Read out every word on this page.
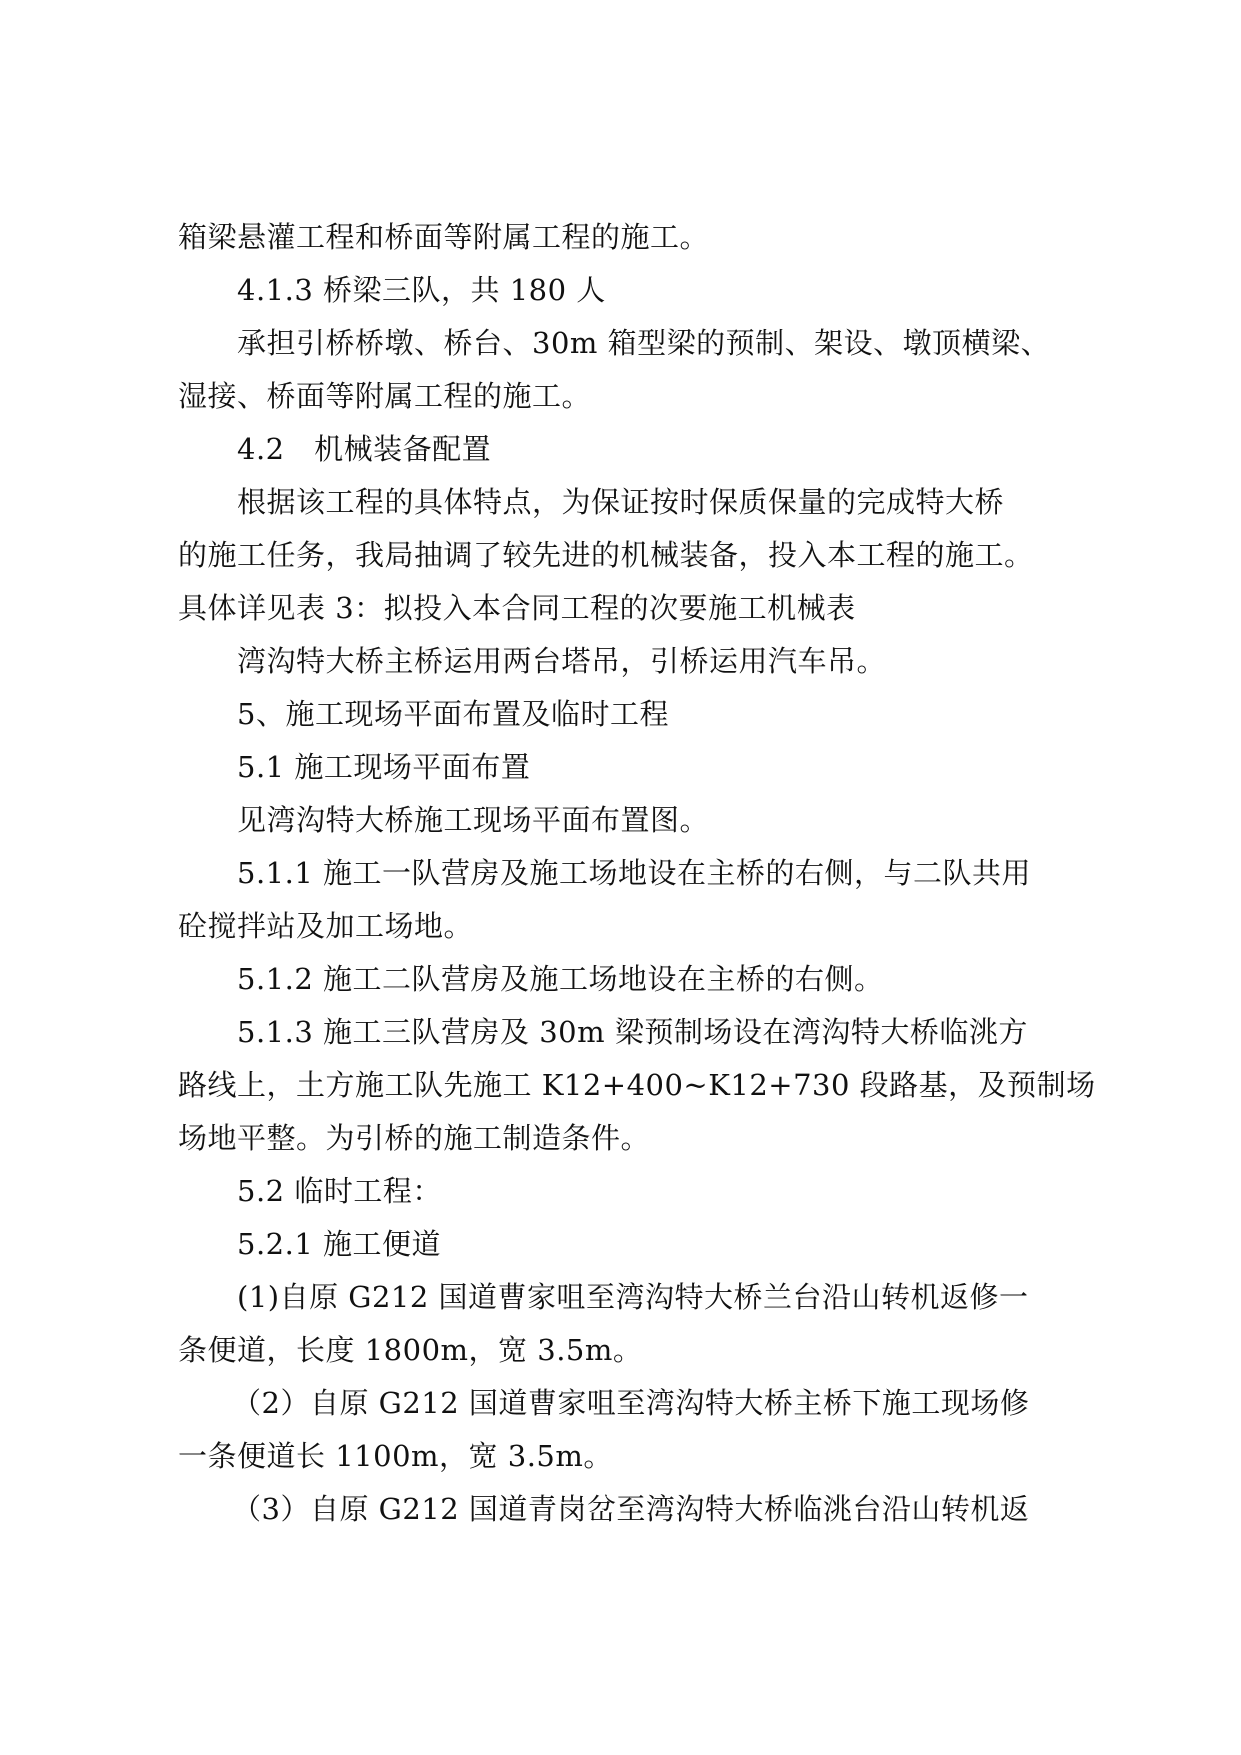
箱梁悬灌工程和桥面等附属工程的施工。
4.1.3 桥梁三队，共 180 人
承担引桥桥墩、桥台、30m 箱型梁的预制、架设、墩顶横梁、
湿接、桥面等附属工程的施工。
4.2　机械装备配置
根据该工程的具体特点，为保证按时保质保量的完成特大桥
的施工任务，我局抽调了较先进的机械装备，投入本工程的施工。
具体详见表 3：拟投入本合同工程的次要施工机械表
湾沟特大桥主桥运用两台塔吊，引桥运用汽车吊。
5、施工现场平面布置及临时工程
5.1 施工现场平面布置
见湾沟特大桥施工现场平面布置图。
5.1.1 施工一队营房及施工场地设在主桥的右侧，与二队共用
砼搅拌站及加工场地。
5.1.2 施工二队营房及施工场地设在主桥的右侧。
5.1.3 施工三队营房及 30m 梁预制场设在湾沟特大桥临洮方
路线上，土方施工队先施工 K12+400~K12+730 段路基，及预制场
场地平整。为引桥的施工制造条件。
5.2 临时工程：
5.2.1 施工便道
(1)自原 G212 国道曹家咀至湾沟特大桥兰台沿山转机返修一
条便道，长度 1800m，宽 3.5m。
（2）自原 G212 国道曹家咀至湾沟特大桥主桥下施工现场修
一条便道长 1100m，宽 3.5m。
（3）自原 G212 国道青岗岔至湾沟特大桥临洮台沿山转机返
